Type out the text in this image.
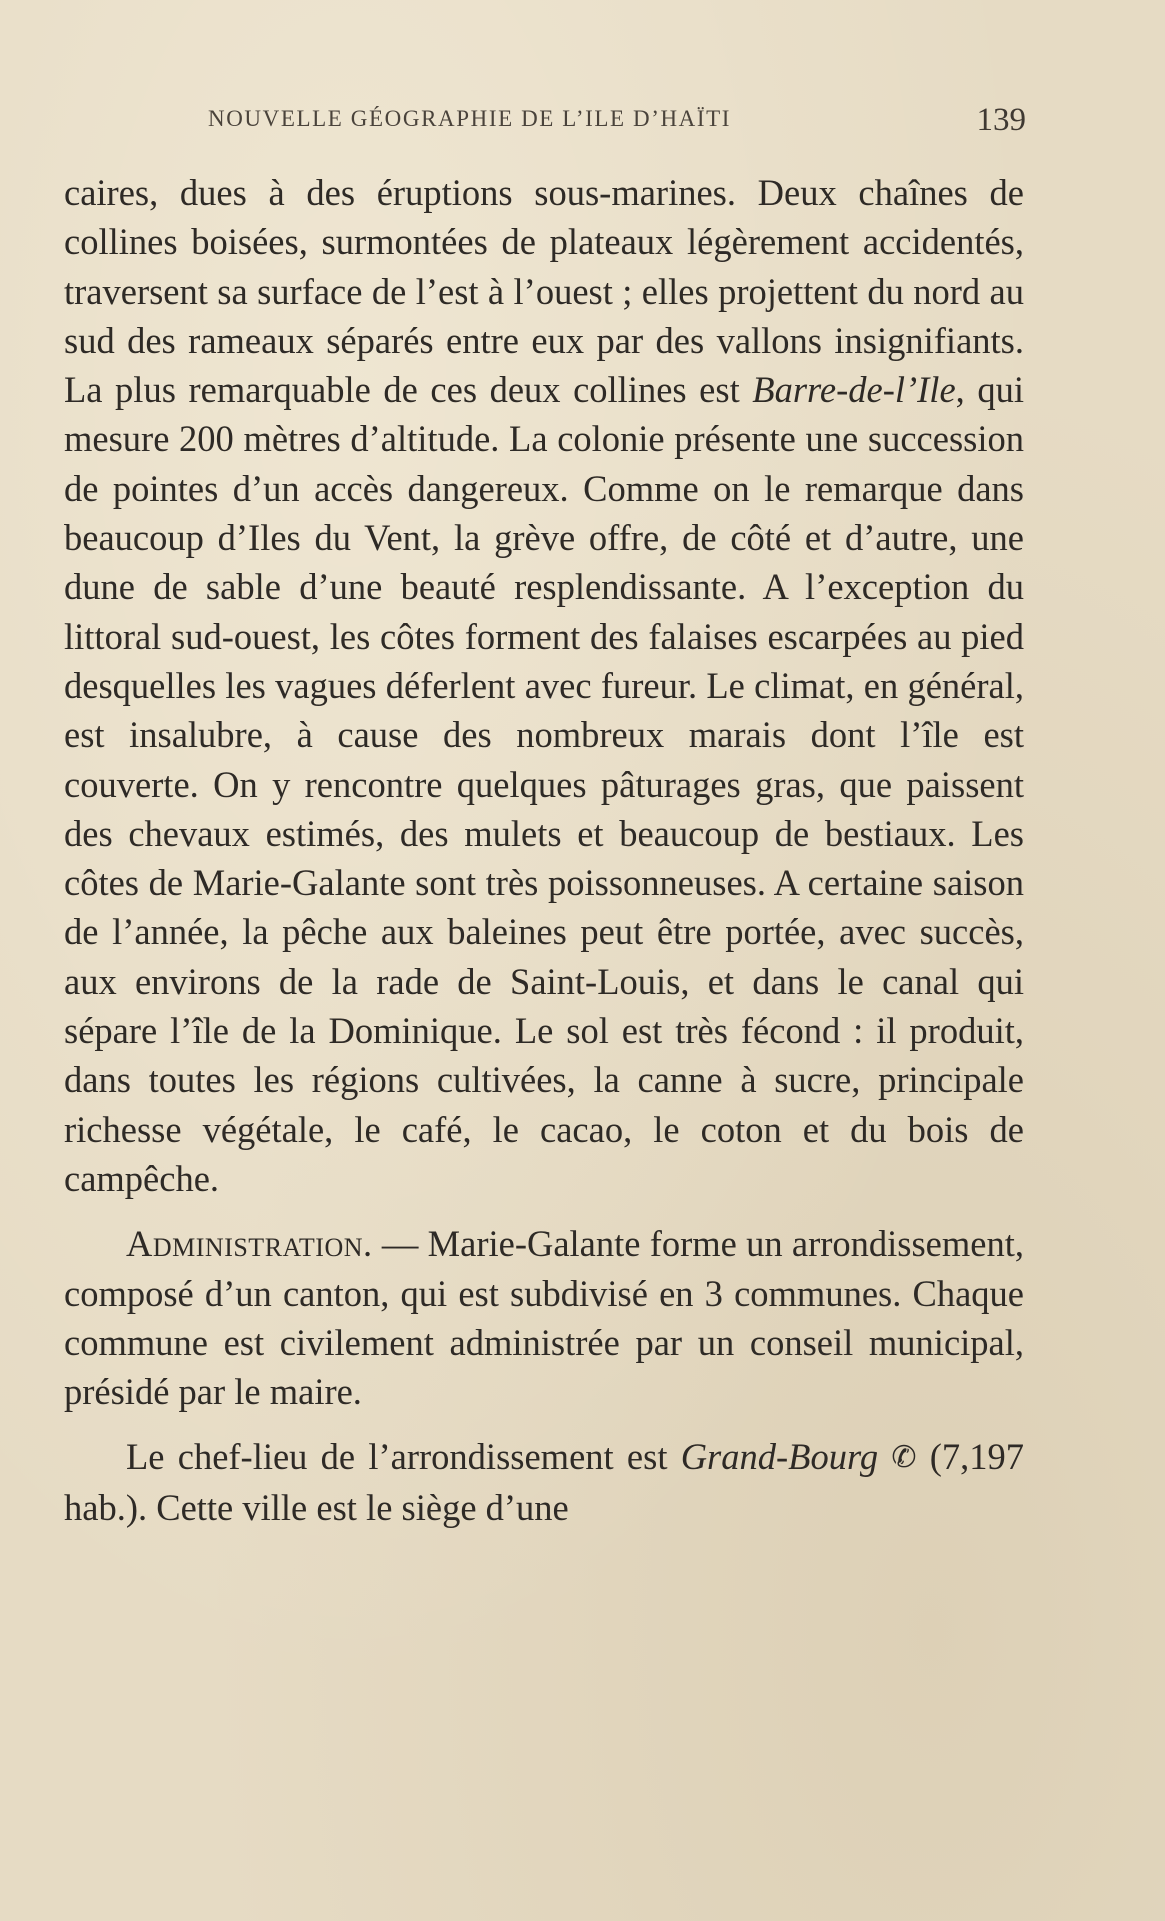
NOUVELLE GÉOGRAPHIE DE L’ILE D’HAÏTI	139

caires, dues à des éruptions sous-marines. Deux chaînes de collines boisées, surmontées de plateaux légèrement accidentés, traversent sa surface de l’est à l’ouest ; elles projettent du nord au sud des rameaux séparés entre eux par des vallons insignifiants. La plus remarquable de ces deux collines est Barre-de-l’Ile, qui mesure 200 mètres d’altitude. La colonie présente une succession de pointes d’un accès dangereux. Comme on le remarque dans beaucoup d’Iles du Vent, la grève offre, de côté et d’autre, une dune de sable d’une beauté resplendissante. A l’exception du littoral sud-ouest, les côtes forment des falaises escarpées au pied desquelles les vagues déferlent avec fureur. Le climat, en général, est insalubre, à cause des nombreux marais dont l’île est couverte. On y rencontre quelques pâturages gras, que paissent des chevaux estimés, des mulets et beaucoup de bestiaux. Les côtes de Marie-Galante sont très poissonneuses. A certaine saison de l’année, la pêche aux baleines peut être portée, avec succès, aux environs de la rade de Saint-Louis, et dans le canal qui sépare l’île de la Dominique. Le sol est très fécond : il produit, dans toutes les régions cultivées, la canne à sucre, principale richesse végétale, le café, le cacao, le coton et du bois de campêche.

Administration. — Marie-Galante forme un arrondissement, composé d’un canton, qui est subdivisé en 3 communes. Chaque commune est civilement administrée par un conseil municipal, présidé par le maire.

Le chef-lieu de l’arrondissement est Grand-Bourg ✆ (7,197 hab.). Cette ville est le siège d’une
